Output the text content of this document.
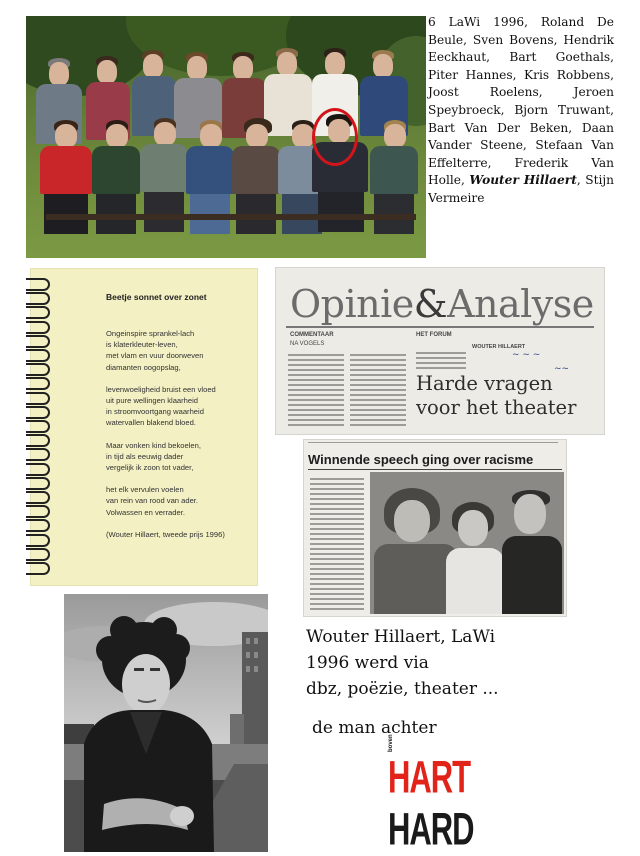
6 LaWi 1996, Roland De Beule, Sven Bovens, Hendrik Eeckhaut, Bart Goethals, Piter Hannes, Kris Robbens, Joost Roelens, Jeroen Speybroeck, Bjorn Truwant, Bart Van Der Beken, Daan Vander Steene, Stefaan Van Effelterre, Frederik Van Holle, Wouter Hillaert, Stijn Vermeire
Beetje sonnet over zonet
Ongeinspire sprankel-lach
is klaterkleuter-leven,
met vlam en vuur doorweven
diamanten oogopslag,
levenwoeligheid bruist een vloed
uit pure wellingen klaarheid
in stroomvoortgang waarheid
watervallen blakend bloed.
Maar vonken kind bekoelen,
in tijd als eeuwig dader
vergelijk ik zoon tot vader,
het elk vervulen voelen
van rein van rood van ader.
Volwassen en verrader.
(Wouter Hillaert, tweede prijs 1996)
Opinie&Analyse
COMMENTAAR
NA VOGELS
HET FORUM
WOUTER HILLAERT
~ ~ ~
~~
Harde vragen
voor het theater
Winnende speech ging over racisme
Wouter Hillaert, LaWi
1996 werd via
dbz, poëzie, theater ...
de man achter
HART
boven
HARD
